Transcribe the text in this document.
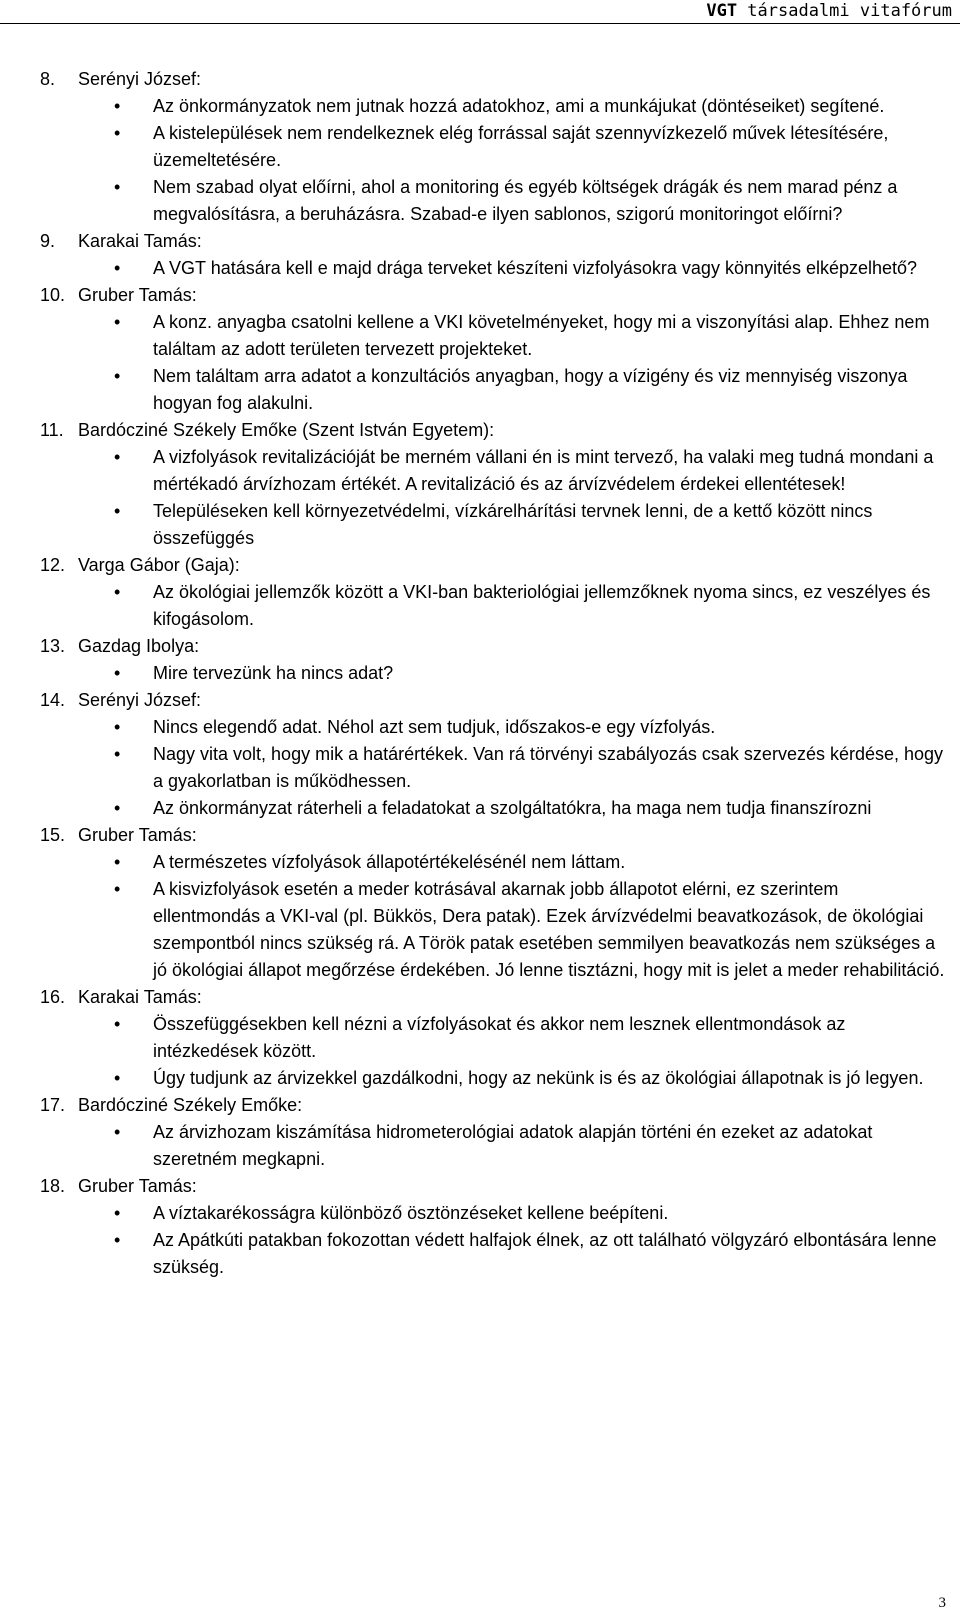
VGT társadalmi vitafórum
8.	Serényi József:
• Az önkormányzatok nem jutnak hozzá adatokhoz, ami a munkájukat (döntéseiket) segítené.
• A kistelepülések nem rendelkeznek elég forrással saját szennyvízkezelő művek létesítésére, üzemeltetésére.
• Nem szabad olyat előírni, ahol a monitoring és egyéb költségek drágák és nem marad pénz a megvalósításra, a beruházásra. Szabad-e ilyen sablonos, szigorú monitoringot előírni?
9.	Karakai Tamás:
• A VGT hatására kell e majd drága terveket készíteni vizfolyásokra vagy könnyités elképzelhető?
10. Gruber Tamás:
• A konz. anyagba csatolni kellene a VKI követelményeket, hogy mi a viszonyítási alap. Ehhez nem találtam az adott területen tervezett projekteket.
• Nem találtam arra adatot a konzultációs anyagban, hogy a vízigény és viz mennyiség viszonya hogyan fog alakulni.
11. Bardócziné Székely Emőke (Szent István Egyetem):
• A vizfolyások revitalizációját be merném vállani én is mint tervező, ha valaki meg tudná mondani a mértékadó árvízhozam értékét. A revitalizáció és az árvízvédelem érdekei ellentétesek!
• Településeken kell környezetvédelmi, vízkárelhárítási tervnek lenni, de a kettő között nincs összefüggés
12. Varga Gábor (Gaja):
• Az ökológiai jellemzők között a VKI-ban bakteriológiai jellemzőknek nyoma sincs, ez veszélyes és kifogásolom.
13. Gazdag Ibolya:
• Mire tervezünk ha nincs adat?
14. Serényi József:
• Nincs elegendő adat. Néhol azt sem tudjuk, időszakos-e egy vízfolyás.
• Nagy vita volt, hogy mik a határértékek. Van rá törvényi szabályozás csak szervezés kérdése, hogy a gyakorlatban is működhessen.
• Az önkormányzat ráterheli a feladatokat a szolgáltatókra, ha maga nem tudja finanszírozni
15. Gruber Tamás:
• A természetes vízfolyások állapotértékelésénél nem láttam.
• A kisvizfolyások esetén a meder kotrásával akarnak jobb állapotot elérni, ez szerintem ellentmondás a VKI-val (pl. Bükkös, Dera patak). Ezek árvízvédelmi beavatkozások, de ökológiai szempontból nincs szükség rá. A Török patak esetében semmilyen beavatkozás nem szükséges a jó ökológiai állapot megőrzése érdekében. Jó lenne tisztázni, hogy mit is jelet a meder rehabilitáció.
16. Karakai Tamás:
• Összefüggésekben kell nézni a vízfolyásokat és akkor nem lesznek ellentmondások az intézkedések között.
• Úgy tudjunk az árvizekkel gazdálkodni, hogy az nekünk is és az ökológiai állapotnak is jó legyen.
17. Bardócziné Székely Emőke:
• Az árvizhozam kiszámítása hidrometerológiai adatok alapján történi én ezeket az adatokat szeretném megkapni.
18. Gruber Tamás:
• A víztakarékosságra különböző ösztönzéseket kellene beépíteni.
• Az Apátkúti patakban fokozottan védett halfajok élnek, az ott található völgyzáró elbontására lenne szükség.
3
